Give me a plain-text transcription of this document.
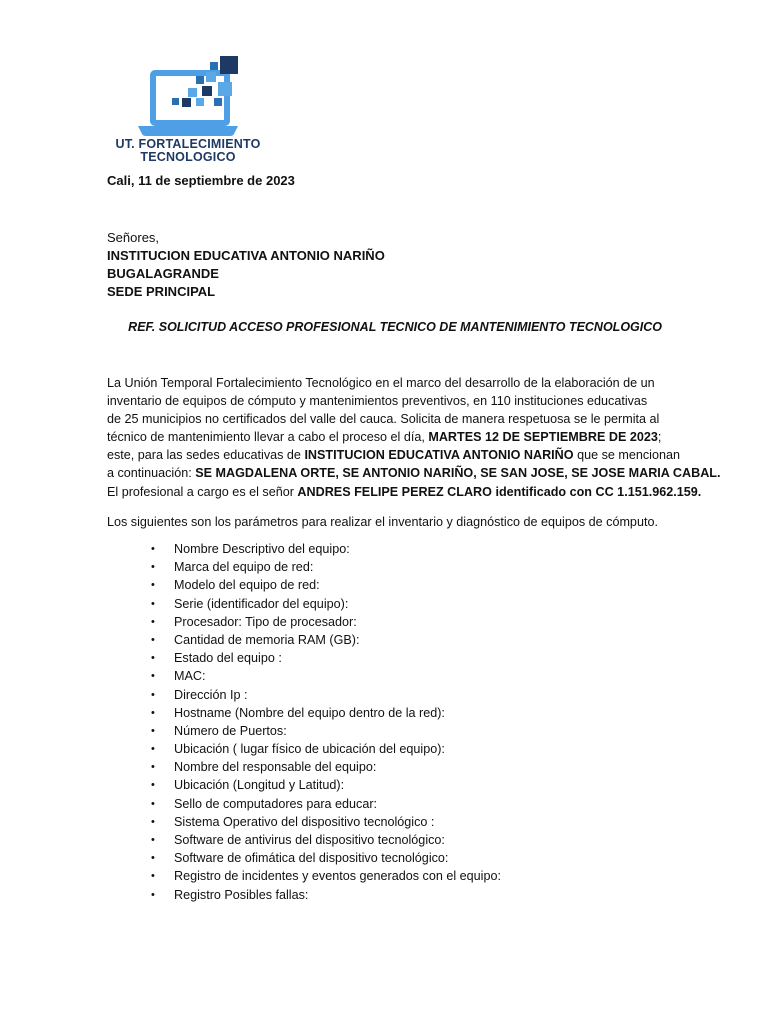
UT. FORTALECIMIENTO
TECNOLOGICO
Cali, 11 de septiembre de 2023
Señores,
INSTITUCION EDUCATIVA ANTONIO NARIÑO
BUGALAGRANDE
SEDE PRINCIPAL
REF. SOLICITUD ACCESO PROFESIONAL TECNICO DE MANTENIMIENTO TECNOLOGICO
La Unión Temporal Fortalecimiento Tecnológico en el marco del desarrollo de la elaboración de un
inventario de equipos de cómputo y mantenimientos preventivos, en 110 instituciones educativas
de 25 municipios no certificados del valle del cauca. Solicita de manera respetuosa se le permita al
técnico de mantenimiento llevar a cabo el proceso el día, MARTES 12 DE SEPTIEMBRE DE 2023;
este, para las sedes educativas de INSTITUCION EDUCATIVA ANTONIO NARIÑO que se mencionan
a continuación: SE MAGDALENA ORTE, SE ANTONIO NARIÑO, SE SAN JOSE, SE JOSE MARIA CABAL.
El profesional a cargo es el señor ANDRES FELIPE PEREZ CLARO identificado con CC 1.151.962.159.
Los siguientes son los parámetros para realizar el inventario y diagnóstico de equipos de cómputo.
• Nombre Descriptivo del equipo:
• Marca del equipo de red:
• Modelo del equipo de red:
• Serie (identificador del equipo):
• Procesador: Tipo de procesador:
• Cantidad de memoria RAM (GB):
• Estado del equipo :
• MAC:
• Dirección Ip :
• Hostname (Nombre del equipo dentro de la red):
• Número de Puertos:
• Ubicación ( lugar físico de ubicación del equipo):
• Nombre del responsable del equipo:
• Ubicación (Longitud y Latitud):
• Sello de computadores para educar:
• Sistema Operativo del dispositivo tecnológico :
• Software de antivirus del dispositivo tecnológico:
• Software de ofimática del dispositivo tecnológico:
• Registro de incidentes y eventos generados con el equipo:
• Registro Posibles fallas:
